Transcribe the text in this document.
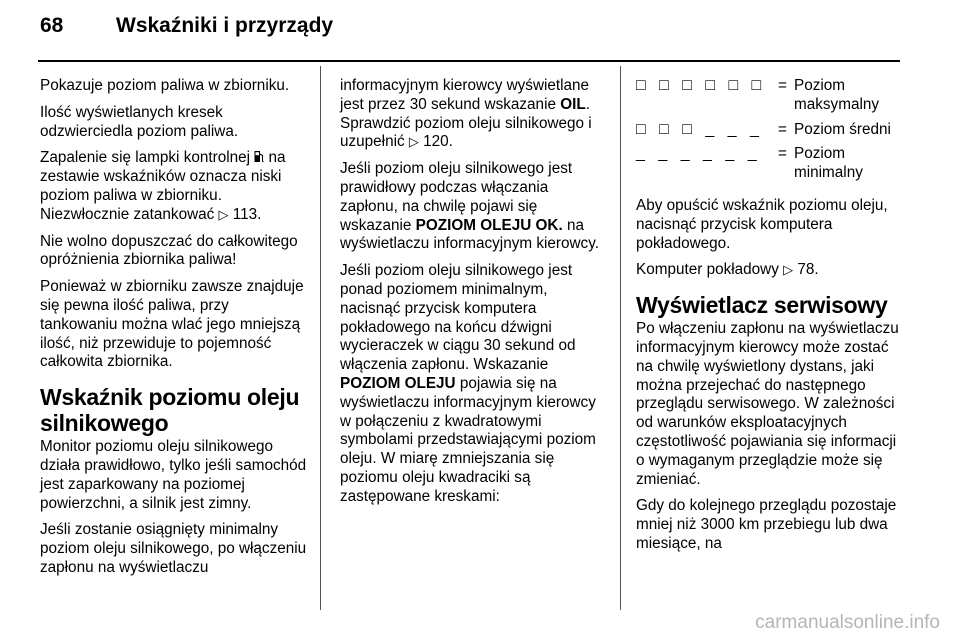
68	Wskaźniki i przyrządy

Pokazuje poziom paliwa w zbiorniku.

Ilość wyświetlanych kresek odzwierciedla poziom paliwa.

Zapalenie się lampki kontrolnej  na zestawie wskaźników oznacza niski poziom paliwa w zbiorniku. Niezwłocznie zatankować ▷ 113.

Nie wolno dopuszczać do całkowitego opróżnienia zbiornika paliwa!

Ponieważ w zbiorniku zawsze znajduje się pewna ilość paliwa, przy tankowaniu można wlać jego mniejszą ilość, niż przewiduje to pojemność całkowita zbiornika.

Wskaźnik poziomu oleju silnikowego

Monitor poziomu oleju silnikowego działa prawidłowo, tylko jeśli samochód jest zaparkowany na poziomej powierzchni, a silnik jest zimny.

Jeśli zostanie osiągnięty minimalny poziom oleju silnikowego, po włączeniu zapłonu na wyświetlaczu

informacyjnym kierowcy wyświetlane jest przez 30 sekund wskazanie OIL. Sprawdzić poziom oleju silnikowego i uzupełnić ▷ 120.

Jeśli poziom oleju silnikowego jest prawidłowy podczas włączania zapłonu, na chwilę pojawi się wskazanie POZIOM OLEJU OK. na wyświetlaczu informacyjnym kierowcy.

Jeśli poziom oleju silnikowego jest ponad poziomem minimalnym, nacisnąć przycisk komputera pokładowego na końcu dźwigni wycieraczek w ciągu 30 sekund od włączenia zapłonu. Wskazanie POZIOM OLEJU pojawia się na wyświetlaczu informacyjnym kierowcy w połączeniu z kwadratowymi symbolami przedstawiającymi poziom oleju. W miarę zmniejszania się poziomu oleju kwadraciki są zastępowane kreskami:

□ □ □ □ □ □ = Poziom maksymalny
□ □ □ _ _ _	= Poziom średni
_ _ _ _ _ _	= Poziom minimalny

Aby opuścić wskaźnik poziomu oleju, nacisnąć przycisk komputera pokładowego.

Komputer pokładowy ▷ 78.

Wyświetlacz serwisowy

Po włączeniu zapłonu na wyświetlaczu informacyjnym kierowcy może zostać na chwilę wyświetlony dystans, jaki można przejechać do następnego przeglądu serwisowego. W zależności od warunków eksploatacyjnych częstotliwość pojawiania się informacji o wymaganym przeglądzie może się zmieniać.

Gdy do kolejnego przeglądu pozostaje mniej niż 3000 km przebiegu lub dwa miesiące, na

carmanualsonline.info
